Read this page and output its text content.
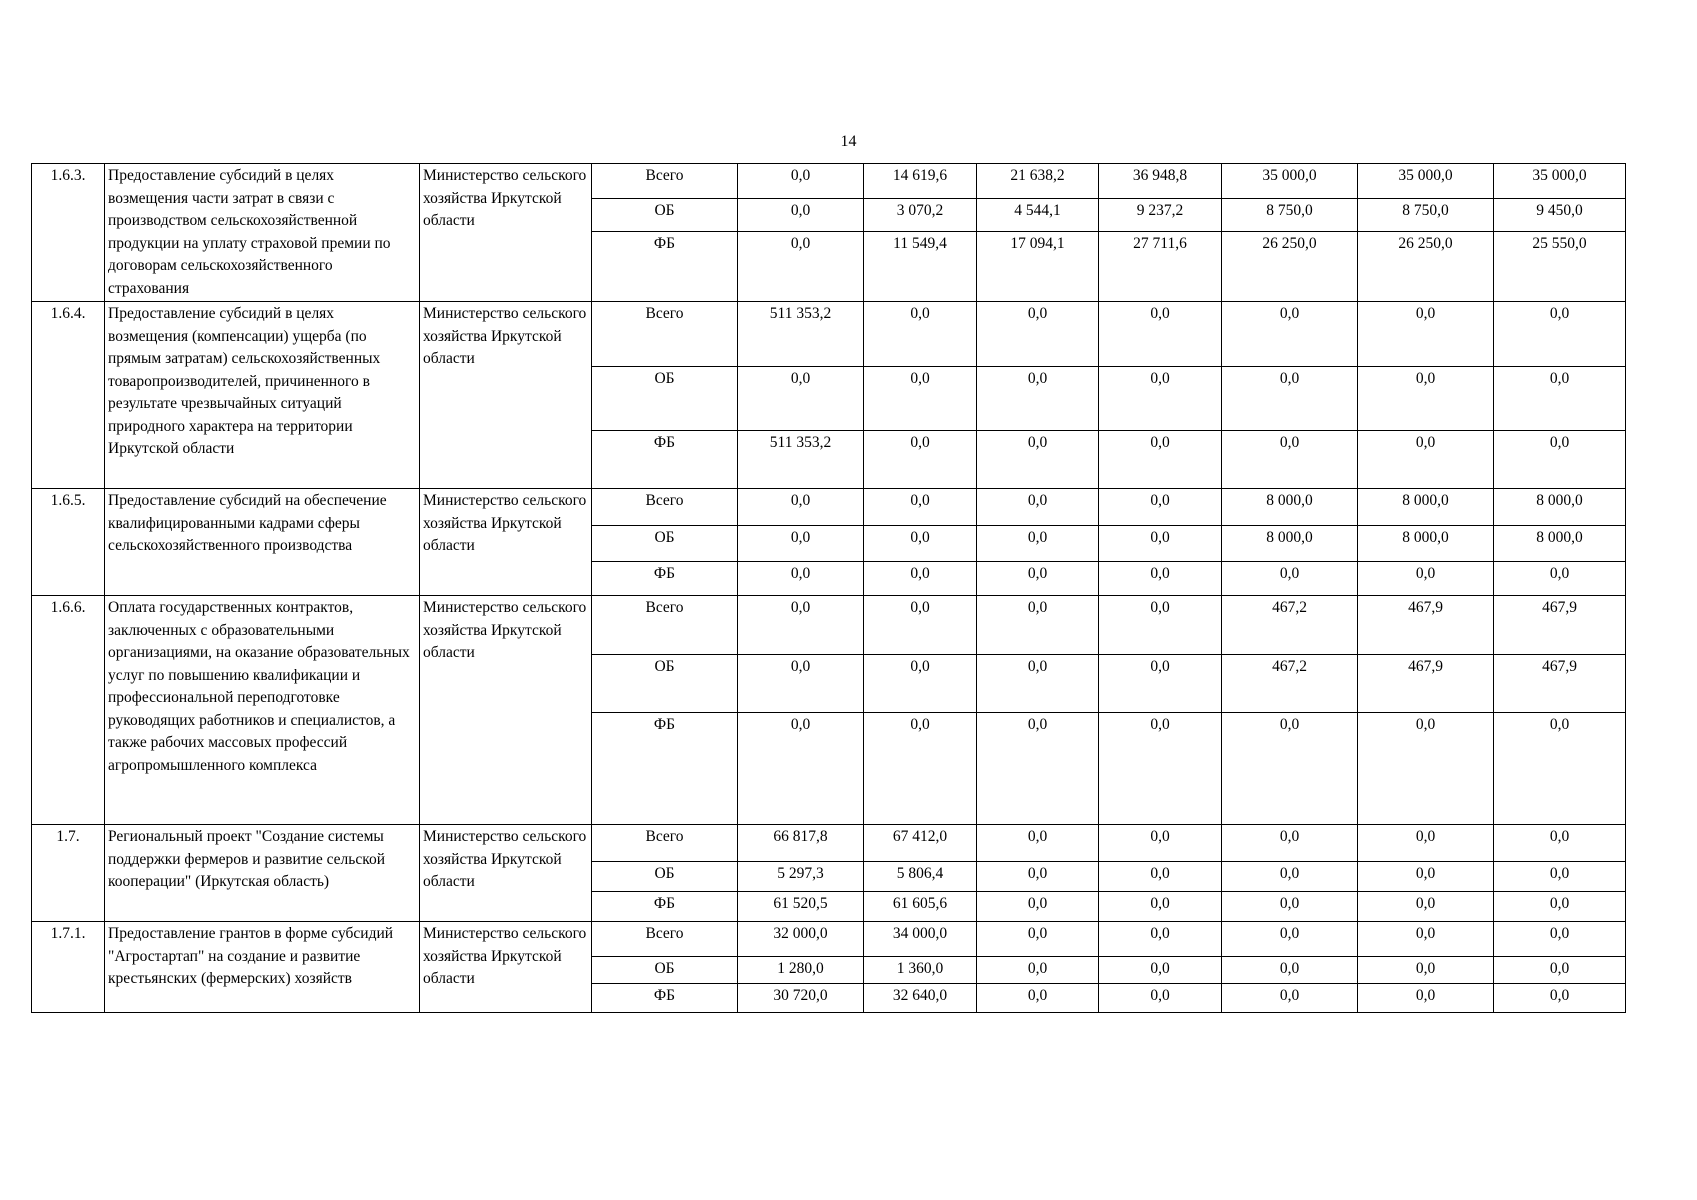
14
1.6.3.	Предоставление субсидий в целях возмещения части затрат в связи с производством сельскохозяйственной продукции на уплату страховой премии по договорам сельскохозяйственного страхования	Министерство сельского хозяйства Иркутской области	Всего	0,0	14 619,6	21 638,2	36 948,8	35 000,0	35 000,0	35 000,0
			ОБ	0,0	3 070,2	4 544,1	9 237,2	8 750,0	8 750,0	9 450,0
			ФБ	0,0	11 549,4	17 094,1	27 711,6	26 250,0	26 250,0	25 550,0
1.6.4.	Предоставление субсидий в целях возмещения (компенсации) ущерба (по прямым затратам) сельскохозяйственных товаропроизводителей, причиненного в результате чрезвычайных ситуаций природного характера на территории Иркутской области	Министерство сельского хозяйства Иркутской области	Всего	511 353,2	0,0	0,0	0,0	0,0	0,0	0,0
			ОБ	0,0	0,0	0,0	0,0	0,0	0,0	0,0
			ФБ	511 353,2	0,0	0,0	0,0	0,0	0,0	0,0
1.6.5.	Предоставление субсидий на обеспечение квалифицированными кадрами сферы сельскохозяйственного производства	Министерство сельского хозяйства Иркутской области	Всего	0,0	0,0	0,0	0,0	8 000,0	8 000,0	8 000,0
			ОБ	0,0	0,0	0,0	0,0	8 000,0	8 000,0	8 000,0
			ФБ	0,0	0,0	0,0	0,0	0,0	0,0	0,0
1.6.6.	Оплата государственных контрактов, заключенных с образовательными организациями, на оказание образовательных услуг по повышению квалификации и профессиональной переподготовке руководящих работников и специалистов, а также рабочих массовых профессий агропромышленного комплекса	Министерство сельского хозяйства Иркутской области	Всего	0,0	0,0	0,0	0,0	467,2	467,9	467,9
			ОБ	0,0	0,0	0,0	0,0	467,2	467,9	467,9
			ФБ	0,0	0,0	0,0	0,0	0,0	0,0	0,0
1.7.	Региональный проект "Создание системы поддержки фермеров и развитие сельской кооперации" (Иркутская область)	Министерство сельского хозяйства Иркутской области	Всего	66 817,8	67 412,0	0,0	0,0	0,0	0,0	0,0
			ОБ	5 297,3	5 806,4	0,0	0,0	0,0	0,0	0,0
			ФБ	61 520,5	61 605,6	0,0	0,0	0,0	0,0	0,0
1.7.1.	Предоставление грантов в форме субсидий "Агростартап" на создание и развитие крестьянских (фермерских) хозяйств	Министерство сельского хозяйства Иркутской области	Всего	32 000,0	34 000,0	0,0	0,0	0,0	0,0	0,0
			ОБ	1 280,0	1 360,0	0,0	0,0	0,0	0,0	0,0
			ФБ	30 720,0	32 640,0	0,0	0,0	0,0	0,0	0,0
